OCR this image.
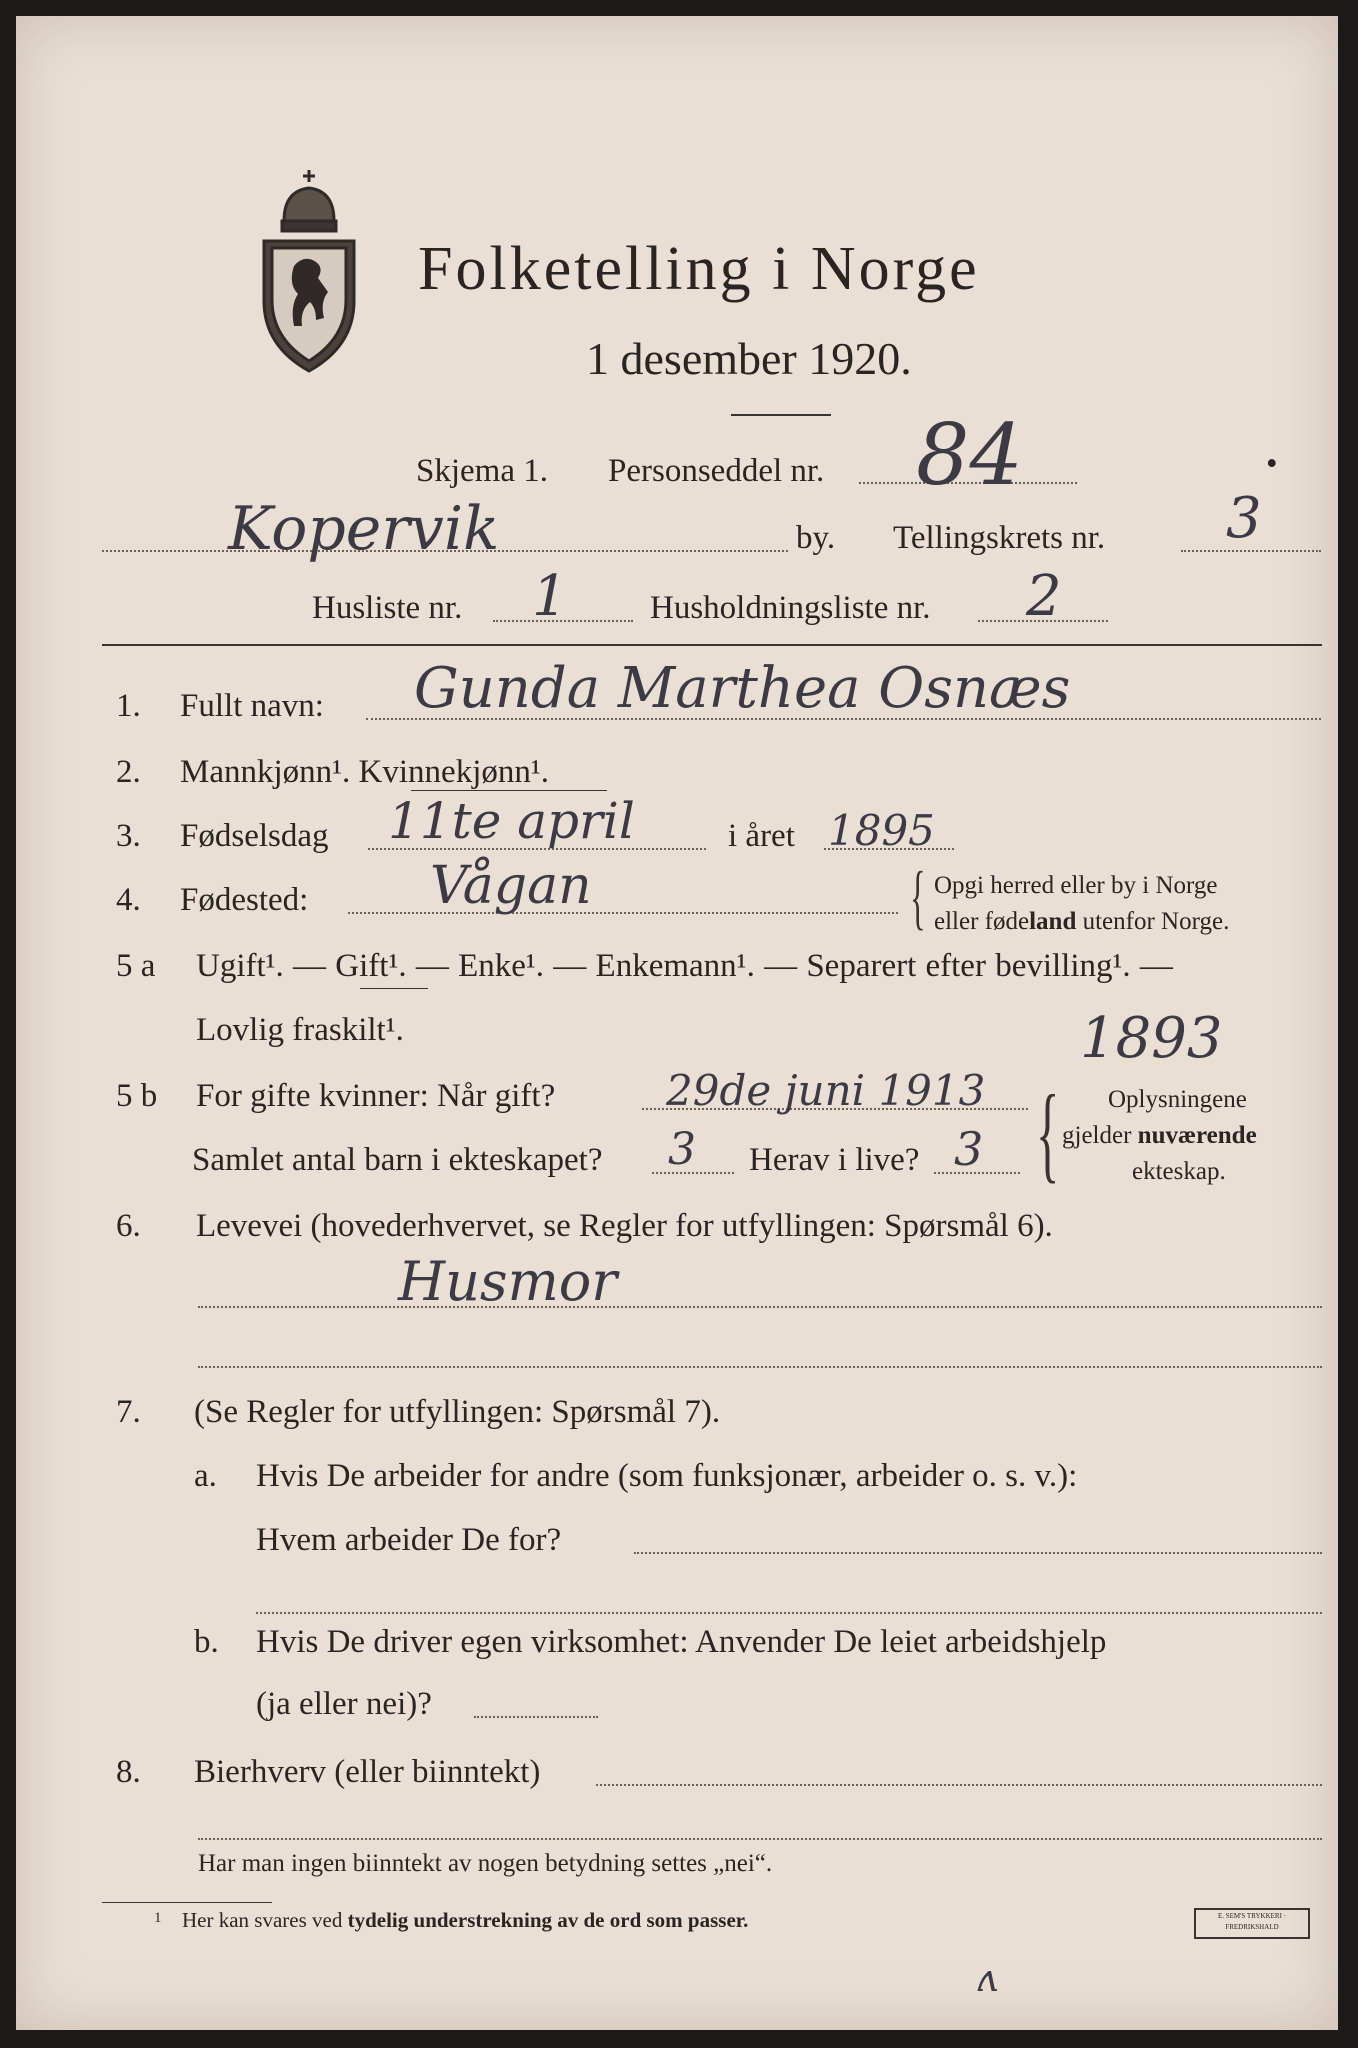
Folketelling i Norge
1 desember 1920.
Skjema 1. Personseddel nr. 84	•
Kopervik	by. Tellingskrets nr. 3
Husliste nr. 1 Husholdningsliste nr. 2
1. Fullt navn: Gunda Marthea Osnæs
2. Mannkjønn¹. Kvinnekjønn¹.
3. Fødselsdag 11te april	i året 1895
4. Fødested: Vågan	{ Opgi herred eller by i Norge
eller fødeland utenfor Norge.
5 a Ugift¹. — Gift¹. — Enke¹. — Enkemann¹. — Separert efter bevilling¹. —
Lovlig fraskilt¹.	1893
5 b For gifte kvinner: Når gift?	29de juni 1913
Samlet antal barn i ekteskapet? 3 Herav i live? 3 { Oplysningene
gjelder nuværende
ekteskap.
6. Levevei (hovederhvervet, se Regler for utfyllingen: Spørsmål 6).
Husmor
7. (Se Regler for utfyllingen: Spørsmål 7).
a. Hvis De arbeider for andre (som funksjonær, arbeider o. s. v.):
Hvem arbeider De for?
b. Hvis De driver egen virksomhet: Anvender De leiet arbeidshjelp
(ja eller nei)?
8. Bierhverv (eller biinntekt)
Har man ingen biinntekt av nogen betydning settes „nei“.
1 Her kan svares ved tydelig understrekning av de ord som passer.	E. SEM'S TRYKKERI · FREDRIKSHALD
ʌ
